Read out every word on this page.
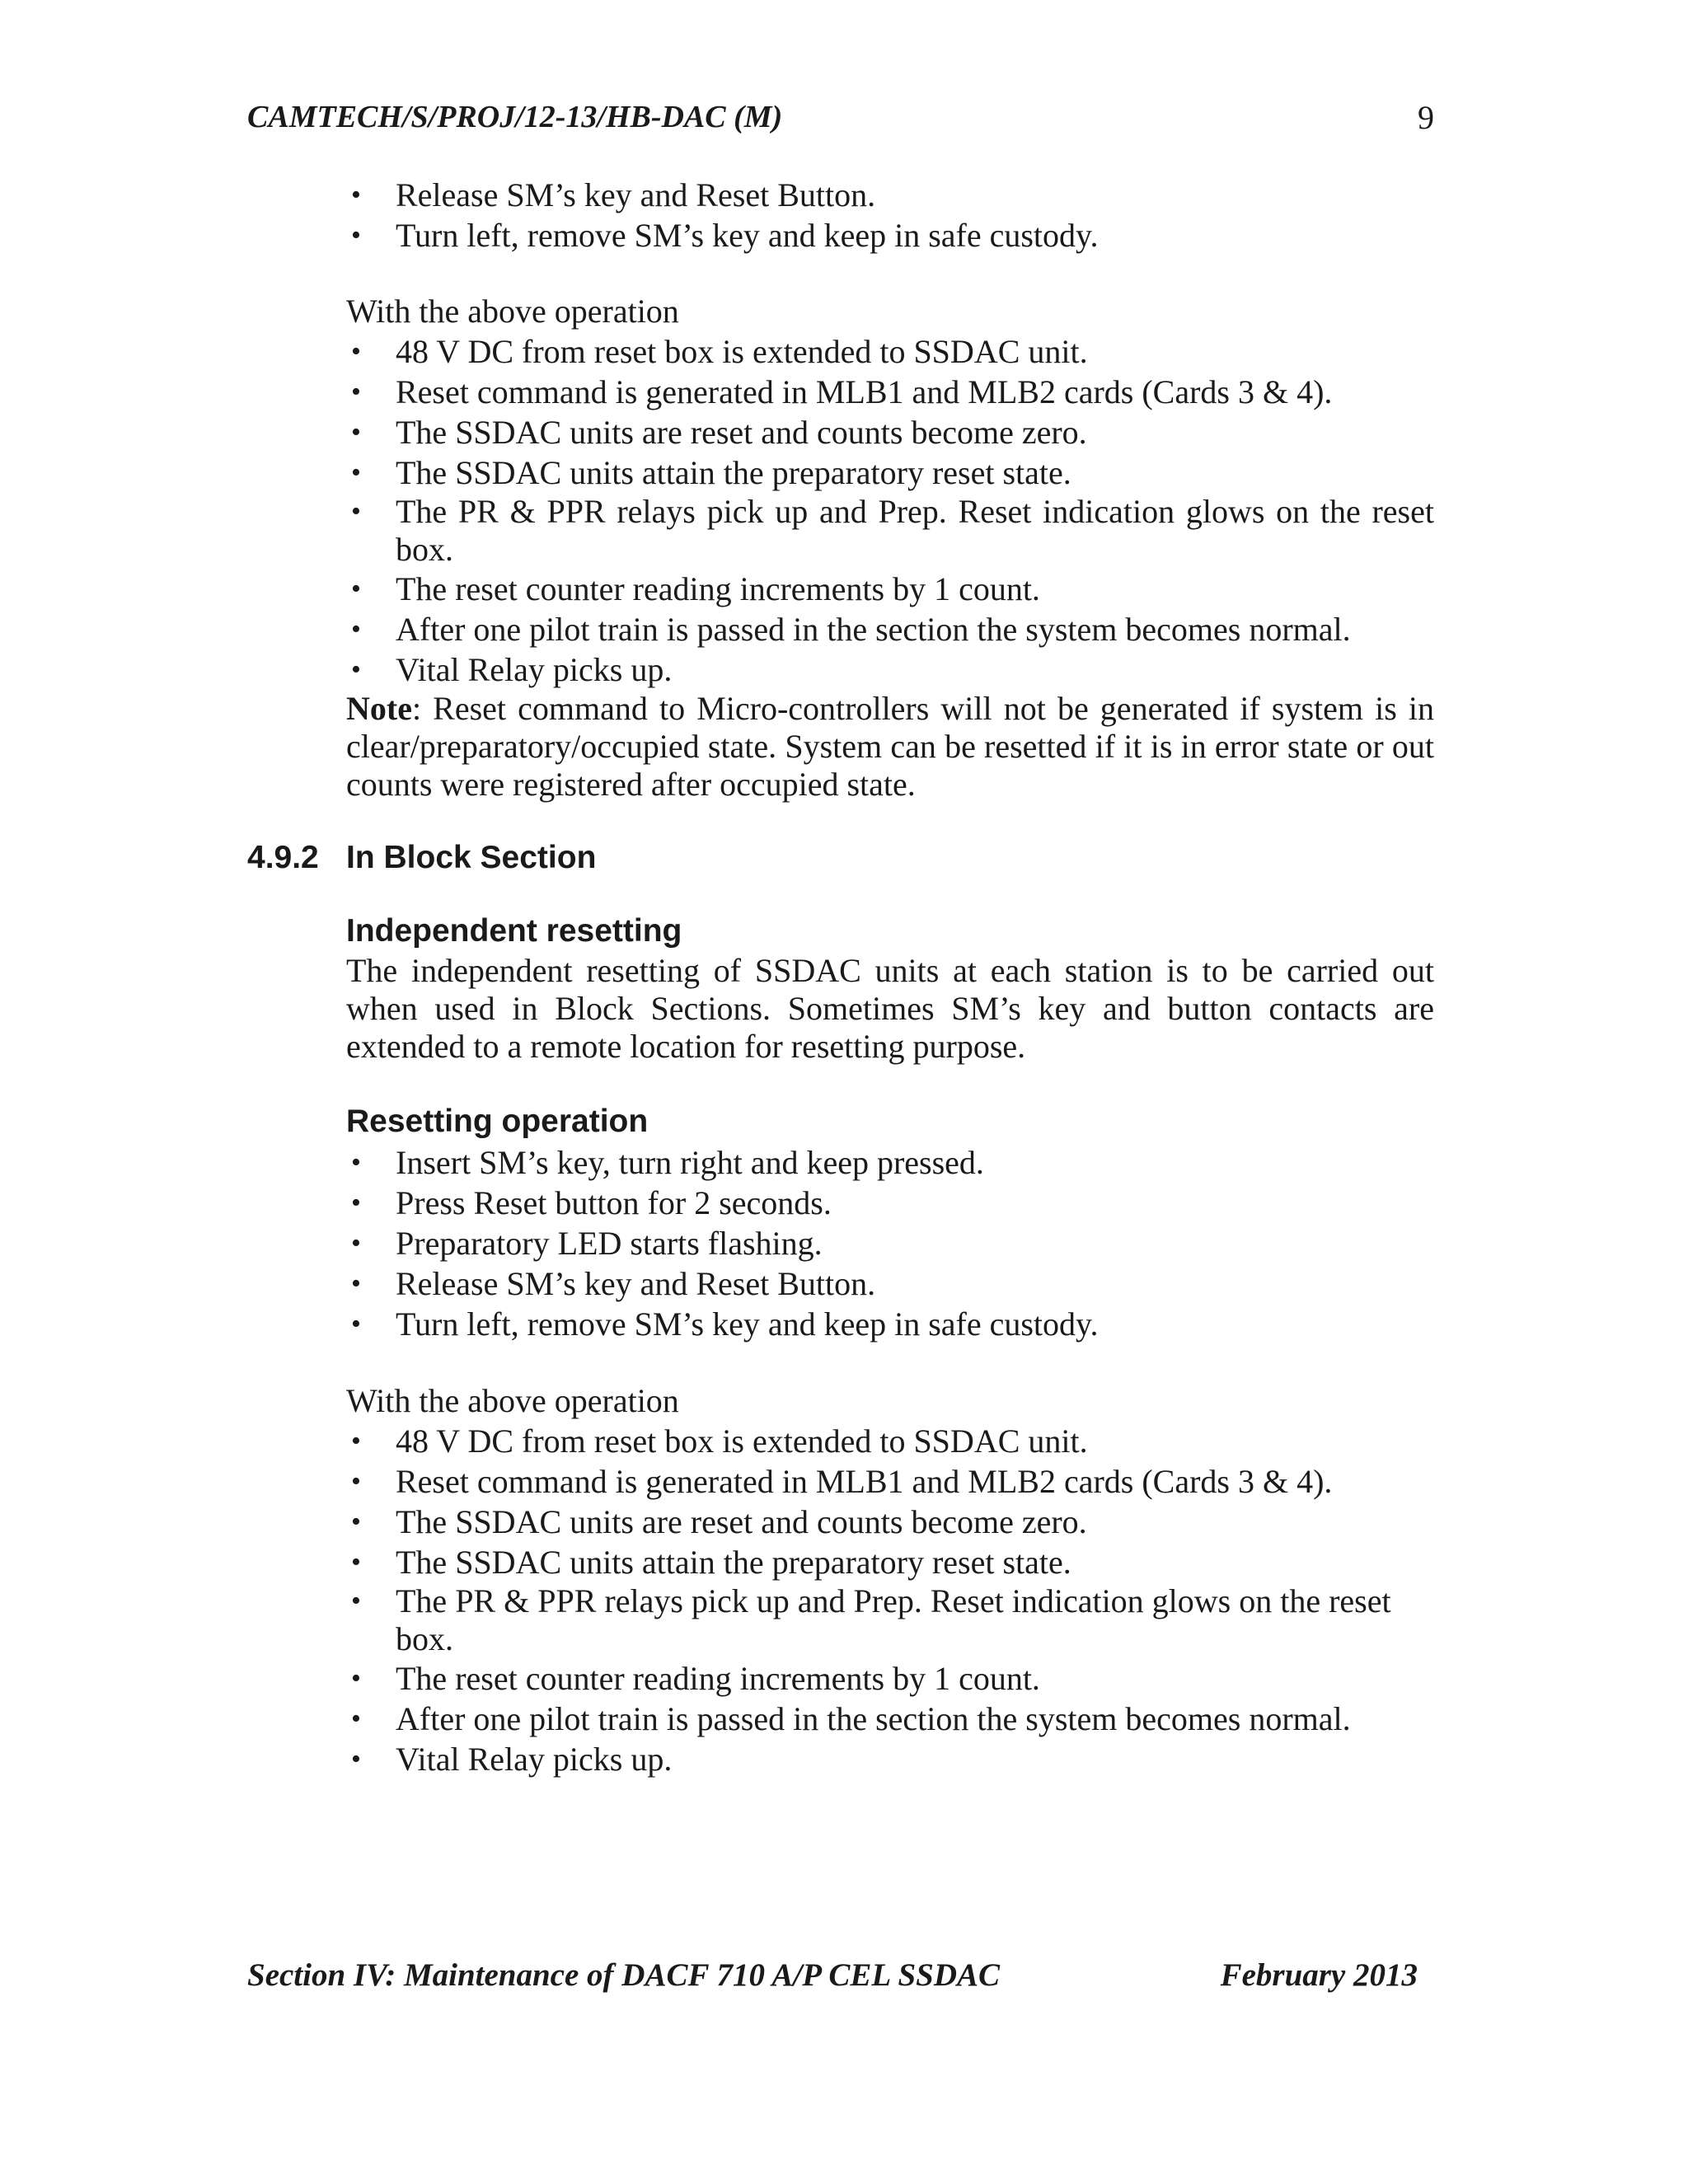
CAMTECH/S/PROJ/12-13/HB-DAC (M)	9
• Release SM’s key and Reset Button.
• Turn left, remove SM’s key and keep in safe custody.

With the above operation

• 48 V DC from reset box is extended to SSDAC unit.
• Reset command is generated in MLB1 and MLB2 cards (Cards 3 & 4).
• The SSDAC units are reset and counts become zero.
• The SSDAC units attain the preparatory reset state.
• The PR & PPR relays pick up and Prep. Reset indication glows on the reset box.
• The reset counter reading increments by 1 count.
• After one pilot train is passed in the section the system becomes normal.
• Vital Relay picks up.

Note: Reset command to Micro-controllers will not be generated if system is in clear/preparatory/occupied state. System can be resetted if it is in error state or out counts were registered after occupied state.

4.9.2 In Block Section

Independent resetting

The independent resetting of SSDAC units at each station is to be carried out when used in Block Sections. Sometimes SM’s key and button contacts are extended to a remote location for resetting purpose.

Resetting operation

• Insert SM’s key, turn right and keep pressed.
• Press Reset button for 2 seconds.
• Preparatory LED starts flashing.
• Release SM’s key and Reset Button.
• Turn left, remove SM’s key and keep in safe custody.

With the above operation

• 48 V DC from reset box is extended to SSDAC unit.
• Reset command is generated in MLB1 and MLB2 cards (Cards 3 & 4).
• The SSDAC units are reset and counts become zero.
• The SSDAC units attain the preparatory reset state.
• The PR & PPR relays pick up and Prep. Reset indication glows on the reset box.
• The reset counter reading increments by 1 count.
• After one pilot train is passed in the section the system becomes normal.
• Vital Relay picks up.
Section IV: Maintenance of DACF 710 A/P CEL SSDAC	February 2013
